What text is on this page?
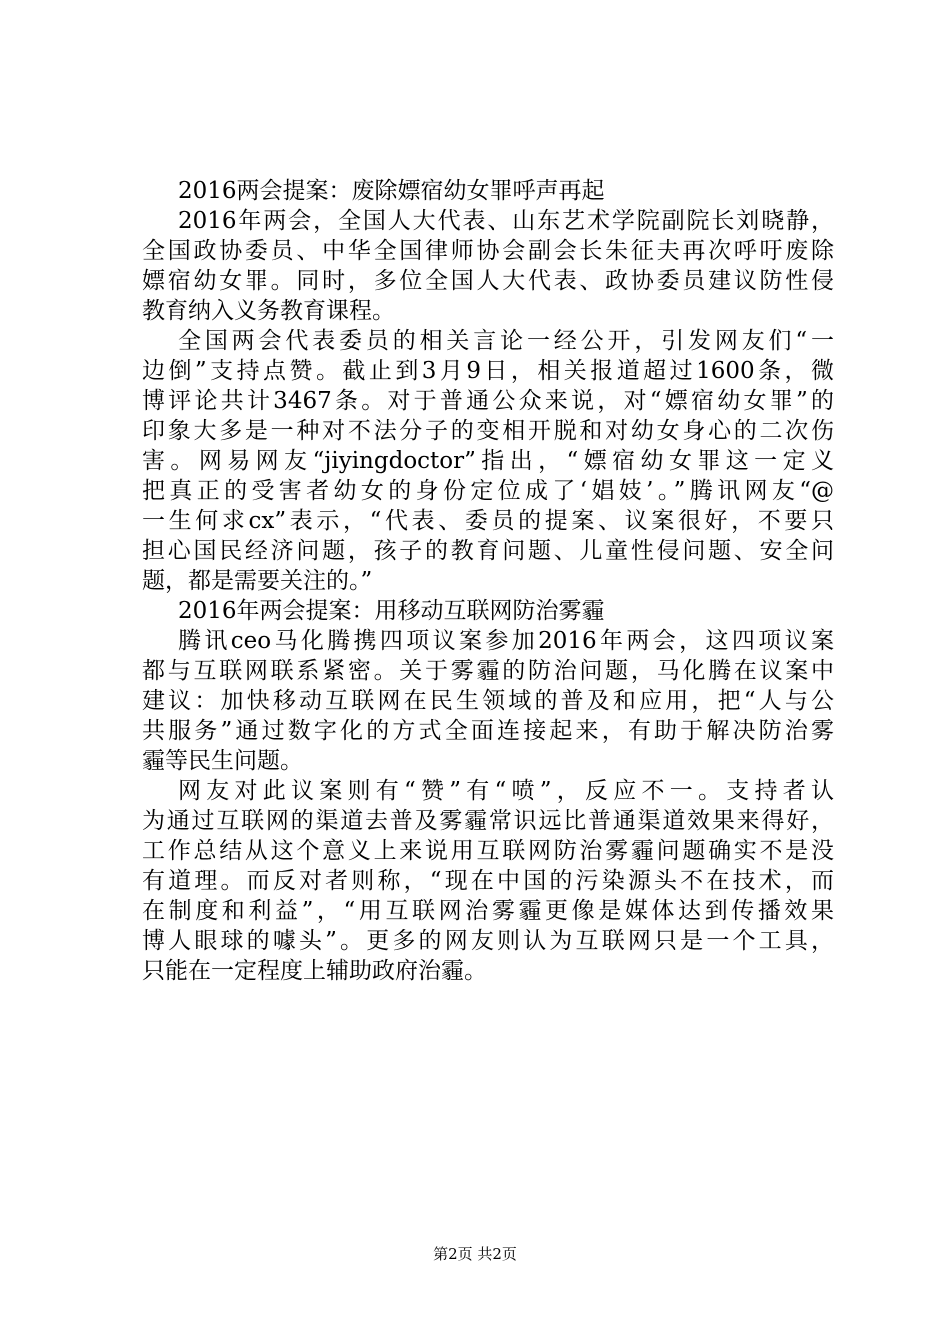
2016两会提案：废除嫖宿幼女罪呼声再起
2016年两会，全国人大代表、山东艺术学院副院长刘晓静，
全国政协委员、中华全国律师协会副会长朱征夫再次呼吁废除
嫖宿幼女罪。同时，多位全国人大代表、政协委员建议防性侵
教育纳入义务教育课程。
全国两会代表委员的相关言论一经公开，引发网友们“一
边倒”支持点赞。截止到3月9日，相关报道超过1600条，微
博评论共计3467条。对于普通公众来说，对“嫖宿幼女罪”的
印象大多是一种对不法分子的变相开脱和对幼女身心的二次伤
害。网易网友“jiyingdoctor”指出，“嫖宿幼女罪这一定义
把真正的受害者幼女的身份定位成了‘娼妓’。”腾讯网友“@
一生何求cx”表示，“代表、委员的提案、议案很好，不要只
担心国民经济问题，孩子的教育问题、儿童性侵问题、安全问
题，都是需要关注的。”
2016年两会提案：用移动互联网防治雾霾
腾讯ceo马化腾携四项议案参加2016年两会，这四项议案
都与互联网联系紧密。关于雾霾的防治问题，马化腾在议案中
建议：加快移动互联网在民生领域的普及和应用，把“人与公
共服务”通过数字化的方式全面连接起来，有助于解决防治雾
霾等民生问题。
网友对此议案则有“赞”有“喷”，反应不一。支持者认
为通过互联网的渠道去普及雾霾常识远比普通渠道效果来得好，
工作总结从这个意义上来说用互联网防治雾霾问题确实不是没
有道理。而反对者则称，“现在中国的污染源头不在技术，而
在制度和利益”，“用互联网治雾霾更像是媒体达到传播效果
博人眼球的噱头”。更多的网友则认为互联网只是一个工具，
只能在一定程度上辅助政府治霾。
第2页 共2页
